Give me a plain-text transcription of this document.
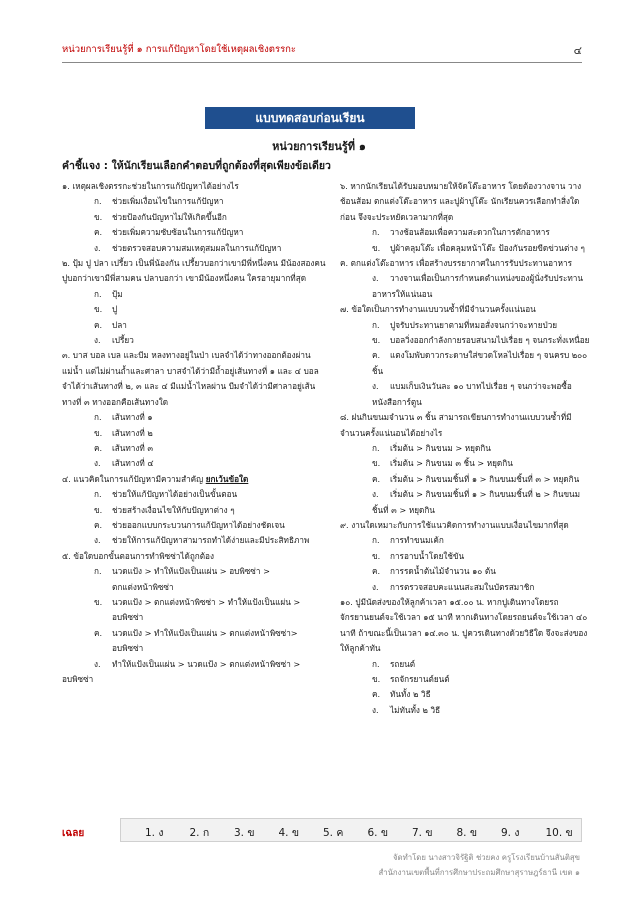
หน่วยการเรียนรู้ที่ ๑ การแก้ปัญหาโดยใช้เหตุผลเชิงตรรกะ	๔
แบบทดสอบก่อนเรียน
หน่วยการเรียนรู้ที่ ๑
คำชี้แจง : ให้นักเรียนเลือกคำตอบที่ถูกต้องที่สุดเพียงข้อเดียว
๑. เหตุผลเชิงตรรกะช่วยในการแก้ปัญหาได้อย่างไร
ก. ช่วยเพิ่มเงื่อนไขในการแก้ปัญหา
ข. ช่วยป้องกันปัญหาไม่ให้เกิดขึ้นอีก
ค. ช่วยเพิ่มความซับซ้อนในการแก้ปัญหา
ง. ช่วยตรวจสอบความสมเหตุสมผลในการแก้ปัญหา
๒. ปุ้ม ปู ปลา เปรี้ยว เป็นพี่น้องกัน เปรี้ยวบอกว่าเขามีพี่หนึ่งคน มีน้องสองคน ปูบอกว่าเขามีพี่สามคน ปลาบอกว่า เขามีน้องหนึ่งคน ใครอายุมากที่สุด
ก. ปุ้ม
ข. ปู
ค. ปลา
ง. เปรี้ยว
๓. บาส บอล เบล และบีม หลงทางอยู่ในป่า เบลจำได้ว่าทางออกต้องผ่านแม่น้ำ แต่ไม่ผ่านถ้ำและศาลา บาสจำได้ว่ามีถ้ำอยู่เส้นทางที่ ๑ และ ๔ บอลจำได้ว่าเส้นทางที่ ๒, ๓ และ ๔ มีแม่น้ำไหลผ่าน บีมจำได้ว่ามีศาลาอยู่เส้นทางที่ ๓ ทางออกคือเส้นทางใด
ก. เส้นทางที่ ๑
ข. เส้นทางที่ ๒
ค. เส้นทางที่ ๓
ง. เส้นทางที่ ๔
๔. แนวคิดในการแก้ปัญหามีความสำคัญ ยกเว้นข้อใด
ก. ช่วยให้แก้ปัญหาได้อย่างเป็นขั้นตอน
ข. ช่วยสร้างเงื่อนไขให้กับปัญหาต่าง ๆ
ค. ช่วยออกแบบกระบวนการแก้ปัญหาได้อย่างชัดเจน
ง. ช่วยให้การแก้ปัญหาสามารถทำได้ง่ายและมีประสิทธิภาพ
๕. ข้อใดบอกขั้นตอนการทำพิซซ่าได้ถูกต้อง
ก. นวดแป้ง > ทำให้แป้งเป็นแผ่น > อบพิซซ่า >
ตกแต่งหน้าพิซซ่า
ข. นวดแป้ง > ตกแต่งหน้าพิซซ่า > ทำให้แป้งเป็นแผ่น >
อบพิซซ่า
ค. นวดแป้ง > ทำให้แป้งเป็นแผ่น > ตกแต่งหน้าพิซซ่า>
อบพิซซ่า
ง. ทำให้แป้งเป็นแผ่น > นวดแป้ง > ตกแต่งหน้าพิซซ่า >
อบพิซซ่า
๖. หากนักเรียนได้รับมอบหมายให้จัดโต๊ะอาหาร โดยต้องวางจาน วางช้อนส้อม ตกแต่งโต๊ะอาหาร และปูผ้าปูโต๊ะ นักเรียนควรเลือกทำสิ่งใดก่อน จึงจะประหยัดเวลามากที่สุด
ก. วางช้อนส้อมเพื่อความสะดวกในการตักอาหาร
ข. ปูผ้าคลุมโต๊ะ เพื่อคลุมหน้าโต๊ะ ป้องกันรอยขีดข่วนต่าง ๆ
ค. ตกแต่งโต๊ะอาหาร เพื่อสร้างบรรยากาศในการรับประทานอาหาร
ง. วางจานเพื่อเป็นการกำหนดตำแหน่งของผู้นั่งรับประทานอาหารให้แน่นอน
๗. ข้อใดเป็นการทำงานแบบวนซ้ำที่มีจำนวนครั้งแน่นอน
ก. ปูจรับประทานยาตามที่หมอสั่งจนกว่าจะหายป่วย
ข. บอลวิ่งออกกำลังกายรอบสนามไปเรื่อย ๆ จนกระทั่งเหนื่อย
ค. แตงโมพับดาวกระดาษใส่ขวดโหลไปเรื่อย ๆ จนครบ ๒๐๐ ชิ้น
ง. แบมเก็บเงินวันละ ๑๐ บาทไปเรื่อย ๆ จนกว่าจะพอซื้อหนังสือการ์ตูน
๘. ฝนกินขนมจำนวน ๓ ชิ้น สามารถเขียนการทำงานแบบวนซ้ำที่มีจำนวนครั้งแน่นอนได้อย่างไร
ก. เริ่มต้น > กินขนม > หยุดกิน
ข. เริ่มต้น > กินขนม ๓ ชิ้น > หยุดกิน
ค. เริ่มต้น > กินขนมชิ้นที่ ๑ > กินขนมชิ้นที่ ๓ > หยุดกิน
ง. เริ่มต้น > กินขนมชิ้นที่ ๑ > กินขนมชิ้นที่ ๒ > กินขนมชิ้นที่ ๓ > หยุดกิน
๙. งานใดเหมาะกับการใช้แนวคิดการทำงานแบบเงื่อนไขมากที่สุด
ก. การทำขนมเค้ก
ข. การอาบน้ำโดยใช้ขัน
ค. การรดน้ำต้นไม้จำนวน ๑๐ ต้น
ง. การตรวจสอบคะแนนสะสมในบัตรสมาชิก
๑๐. ปูมีนัดส่งของให้ลูกค้าเวลา ๑๕.๐๐ น. หากปูเดินทางโดยรถจักรยานยนต์จะใช้เวลา ๑๕ นาที หากเดินทางโดยรถยนต์จะใช้เวลา ๔๐ นาที ถ้าขณะนี้เป็นเวลา ๑๔.๓๐ น. ปูควรเดินทางด้วยวิธีใด จึงจะส่งของให้ลูกค้าทัน
ก. รถยนต์
ข. รถจักรยานต์ยนต์
ค. ทันทั้ง ๒ วิธี
ง. ไม่ทันทั้ง ๒ วิธี
เฉลย	1. ง 2. ก 3. ข 4. ข 5. ค 6. ข 7. ข 8. ข 9. ง 10. ข
จัดทำโดย นางสาวจิรัฐิติ ช่วยคง ครูโรงเรียนบ้านสันติสุข
สำนักงานเขตพื้นที่การศึกษาประถมศึกษาสุราษฎร์ธานี เขต ๑
